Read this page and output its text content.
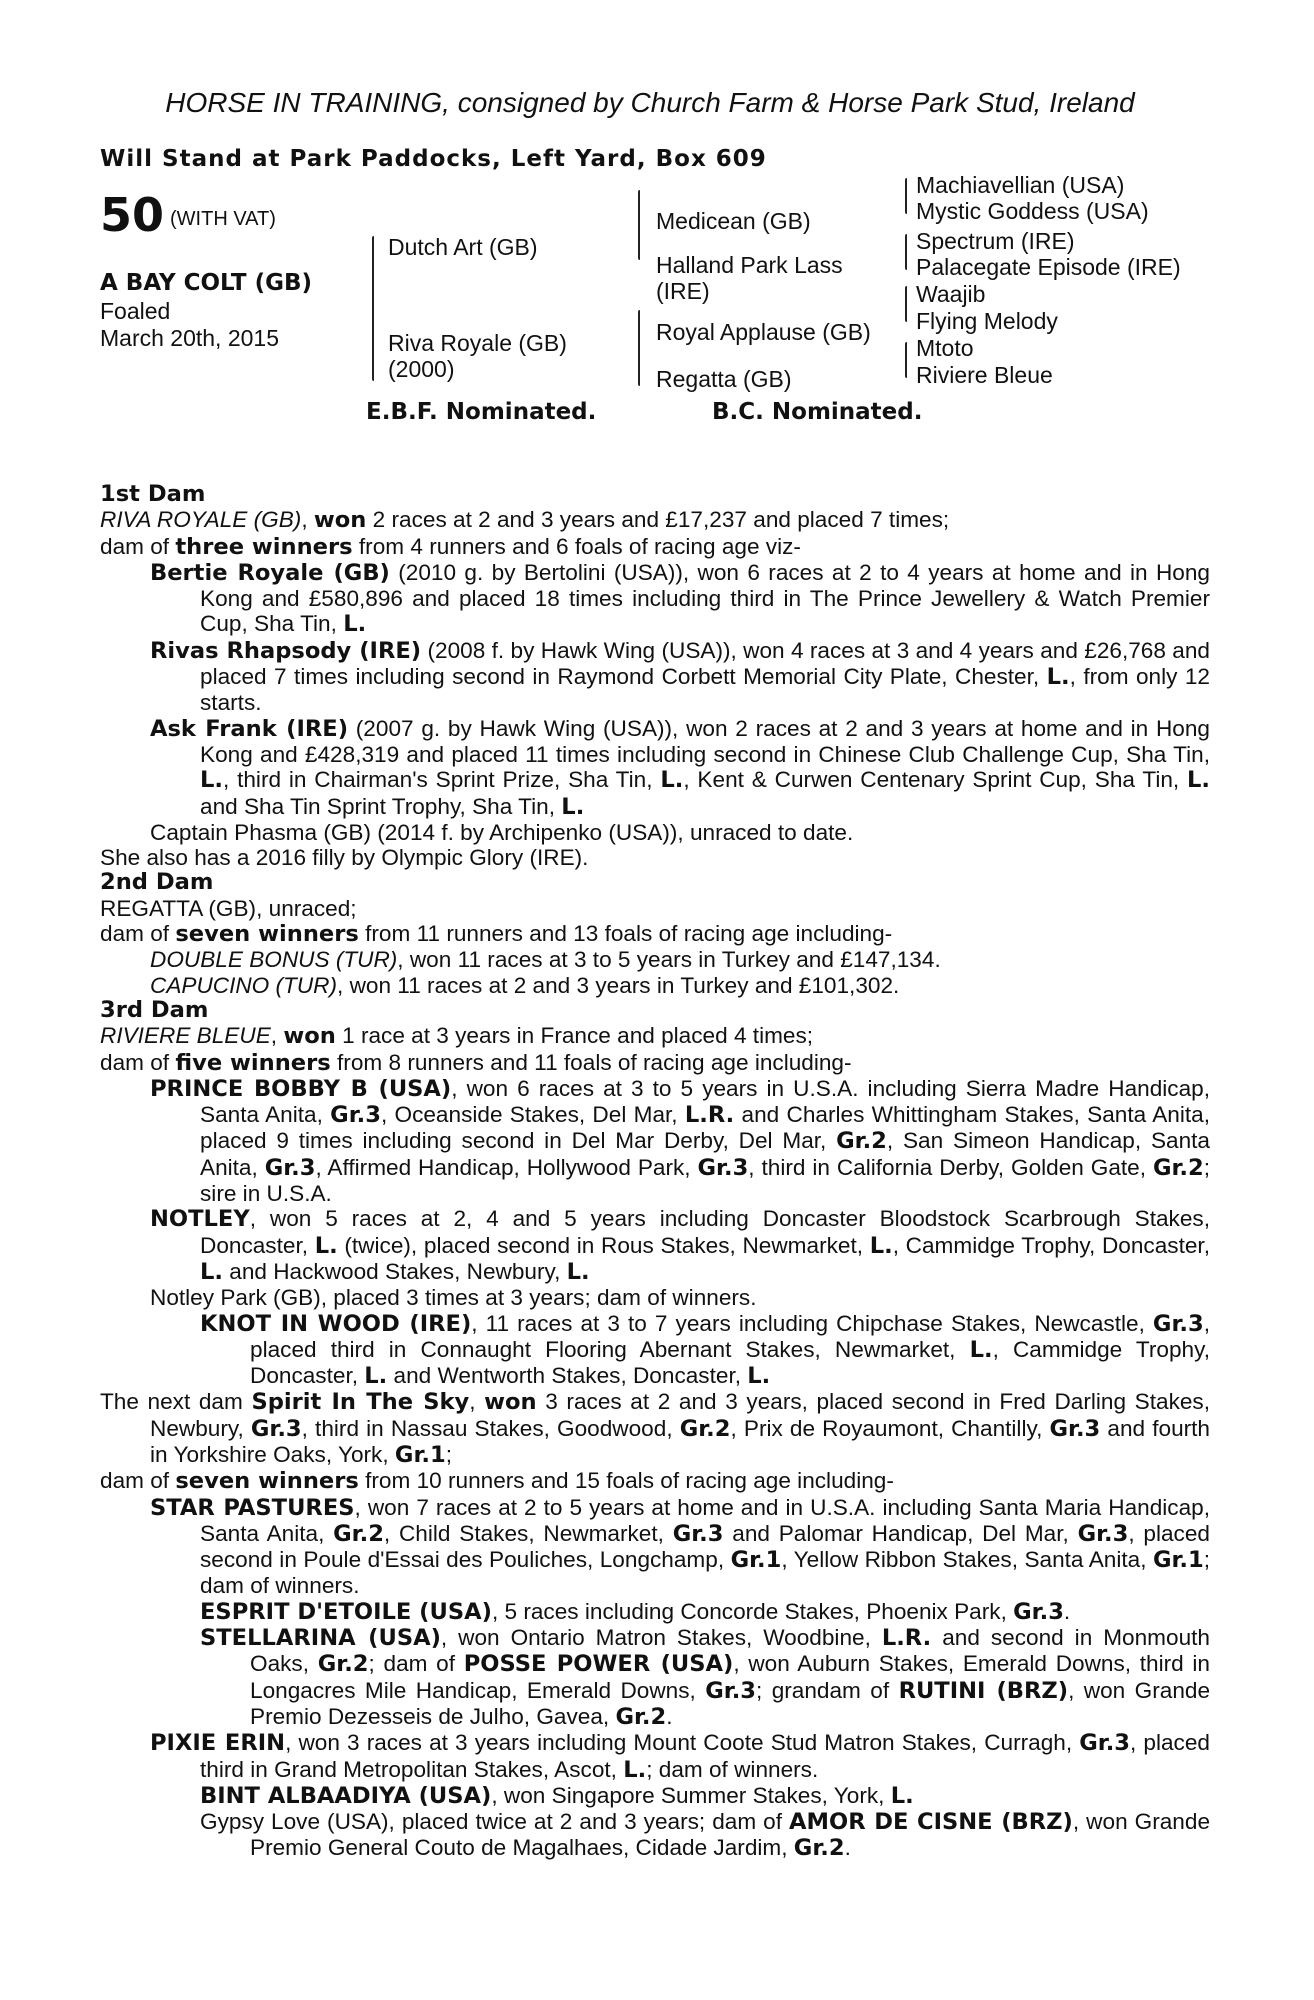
HORSE IN TRAINING, consigned by Church Farm & Horse Park Stud, Ireland
Will Stand at Park Paddocks, Left Yard, Box 609
50 (WITH VAT)
A BAY COLT (GB)
Foaled
March 20th, 2015
Dutch Art (GB)
Riva Royale (GB)
(2000)
Medicean (GB)
Halland Park Lass
(IRE)
Royal Applause (GB)
Regatta (GB)
Machiavellian (USA)
Mystic Goddess (USA)
Spectrum (IRE)
Palacegate Episode (IRE)
Waajib
Flying Melody
Mtoto
Riviere Bleue
E.B.F. Nominated.	B.C. Nominated.

1st Dam

RIVA ROYALE (GB), won 2 races at 2 and 3 years and £17,237 and placed 7 times;

dam of three winners from 4 runners and 6 foals of racing age viz-

Bertie Royale (GB) (2010 g. by Bertolini (USA)), won 6 races at 2 to 4 years at home and in Hong Kong and £580,896 and placed 18 times including third in The Prince Jewellery & Watch Premier Cup, Sha Tin, L.

Rivas Rhapsody (IRE) (2008 f. by Hawk Wing (USA)), won 4 races at 3 and 4 years and £26,768 and placed 7 times including second in Raymond Corbett Memorial City Plate, Chester, L., from only 12 starts.

Ask Frank (IRE) (2007 g. by Hawk Wing (USA)), won 2 races at 2 and 3 years at home and in Hong Kong and £428,319 and placed 11 times including second in Chinese Club Challenge Cup, Sha Tin, L., third in Chairman's Sprint Prize, Sha Tin, L., Kent & Curwen Centenary Sprint Cup, Sha Tin, L. and Sha Tin Sprint Trophy, Sha Tin, L.

Captain Phasma (GB) (2014 f. by Archipenko (USA)), unraced to date.

She also has a 2016 filly by Olympic Glory (IRE).

2nd Dam

REGATTA (GB), unraced;

dam of seven winners from 11 runners and 13 foals of racing age including-

DOUBLE BONUS (TUR), won 11 races at 3 to 5 years in Turkey and £147,134.

CAPUCINO (TUR), won 11 races at 2 and 3 years in Turkey and £101,302.

3rd Dam

RIVIERE BLEUE, won 1 race at 3 years in France and placed 4 times;

dam of five winners from 8 runners and 11 foals of racing age including-

PRINCE BOBBY B (USA), won 6 races at 3 to 5 years in U.S.A. including Sierra Madre Handicap, Santa Anita, Gr.3, Oceanside Stakes, Del Mar, L.R. and Charles Whittingham Stakes, Santa Anita, placed 9 times including second in Del Mar Derby, Del Mar, Gr.2, San Simeon Handicap, Santa Anita, Gr.3, Affirmed Handicap, Hollywood Park, Gr.3, third in California Derby, Golden Gate, Gr.2; sire in U.S.A.

NOTLEY, won 5 races at 2, 4 and 5 years including Doncaster Bloodstock Scarbrough Stakes, Doncaster, L. (twice), placed second in Rous Stakes, Newmarket, L., Cammidge Trophy, Doncaster, L. and Hackwood Stakes, Newbury, L.

Notley Park (GB), placed 3 times at 3 years; dam of winners.

KNOT IN WOOD (IRE), 11 races at 3 to 7 years including Chipchase Stakes, Newcastle, Gr.3, placed third in Connaught Flooring Abernant Stakes, Newmarket, L., Cammidge Trophy, Doncaster, L. and Wentworth Stakes, Doncaster, L.

The next dam Spirit In The Sky, won 3 races at 2 and 3 years, placed second in Fred Darling Stakes, Newbury, Gr.3, third in Nassau Stakes, Goodwood, Gr.2, Prix de Royaumont, Chantilly, Gr.3 and fourth in Yorkshire Oaks, York, Gr.1;

dam of seven winners from 10 runners and 15 foals of racing age including-

STAR PASTURES, won 7 races at 2 to 5 years at home and in U.S.A. including Santa Maria Handicap, Santa Anita, Gr.2, Child Stakes, Newmarket, Gr.3 and Palomar Handicap, Del Mar, Gr.3, placed second in Poule d'Essai des Pouliches, Longchamp, Gr.1, Yellow Ribbon Stakes, Santa Anita, Gr.1; dam of winners.

ESPRIT D'ETOILE (USA), 5 races including Concorde Stakes, Phoenix Park, Gr.3.

STELLARINA (USA), won Ontario Matron Stakes, Woodbine, L.R. and second in Monmouth Oaks, Gr.2; dam of POSSE POWER (USA), won Auburn Stakes, Emerald Downs, third in Longacres Mile Handicap, Emerald Downs, Gr.3; grandam of RUTINI (BRZ), won Grande Premio Dezesseis de Julho, Gavea, Gr.2.

PIXIE ERIN, won 3 races at 3 years including Mount Coote Stud Matron Stakes, Curragh, Gr.3, placed third in Grand Metropolitan Stakes, Ascot, L.; dam of winners.

BINT ALBAADIYA (USA), won Singapore Summer Stakes, York, L.

Gypsy Love (USA), placed twice at 2 and 3 years; dam of AMOR DE CISNE (BRZ), won Grande Premio General Couto de Magalhaes, Cidade Jardim, Gr.2.
